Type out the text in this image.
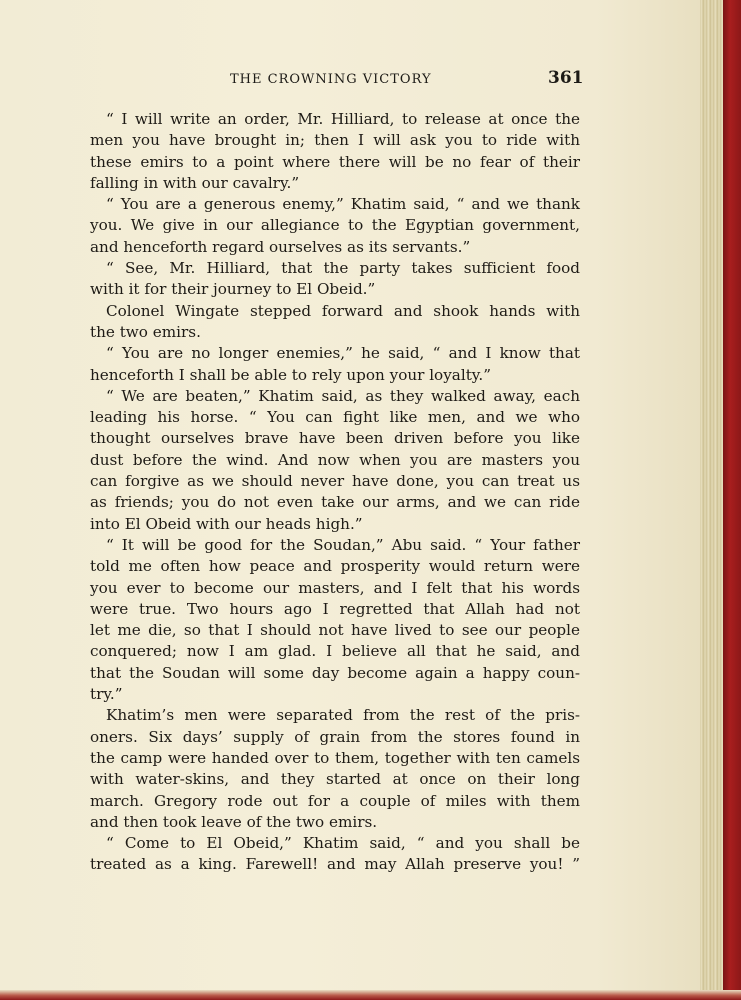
THE CROWNING VICTORY	361
“ I will write an order, Mr. Hilliard, to release at once the
men you have brought in; then I will ask you to ride with
these emirs to a point where there will be no fear of their
falling in with our cavalry.”
“ You are a generous enemy,” Khatim said, “ and we thank
you. We give in our allegiance to the Egyptian government,
and henceforth regard ourselves as its servants.”
“ See, Mr. Hilliard, that the party takes sufficient food
with it for their journey to El Obeid.”
Colonel Wingate stepped forward and shook hands with
the two emirs.
“ You are no longer enemies,” he said, “ and I know that
henceforth I shall be able to rely upon your loyalty.”
“ We are beaten,” Khatim said, as they walked away, each
leading his horse. “ You can fight like men, and we who
thought ourselves brave have been driven before you like
dust before the wind. And now when you are masters you
can forgive as we should never have done, you can treat us
as friends; you do not even take our arms, and we can ride
into El Obeid with our heads high.”
“ It will be good for the Soudan,” Abu said. “ Your father
told me often how peace and prosperity would return were
you ever to become our masters, and I felt that his words
were true. Two hours ago I regretted that Allah had not
let me die, so that I should not have lived to see our people
conquered; now I am glad. I believe all that he said, and
that the Soudan will some day become again a happy coun-
try.”
Khatim’s men were separated from the rest of the pris-
oners. Six days’ supply of grain from the stores found in
the camp were handed over to them, together with ten camels
with water-skins, and they started at once on their long
march. Gregory rode out for a couple of miles with them
and then took leave of the two emirs.
“ Come to El Obeid,” Khatim said, “ and you shall be
treated as a king. Farewell! and may Allah preserve you! ”
